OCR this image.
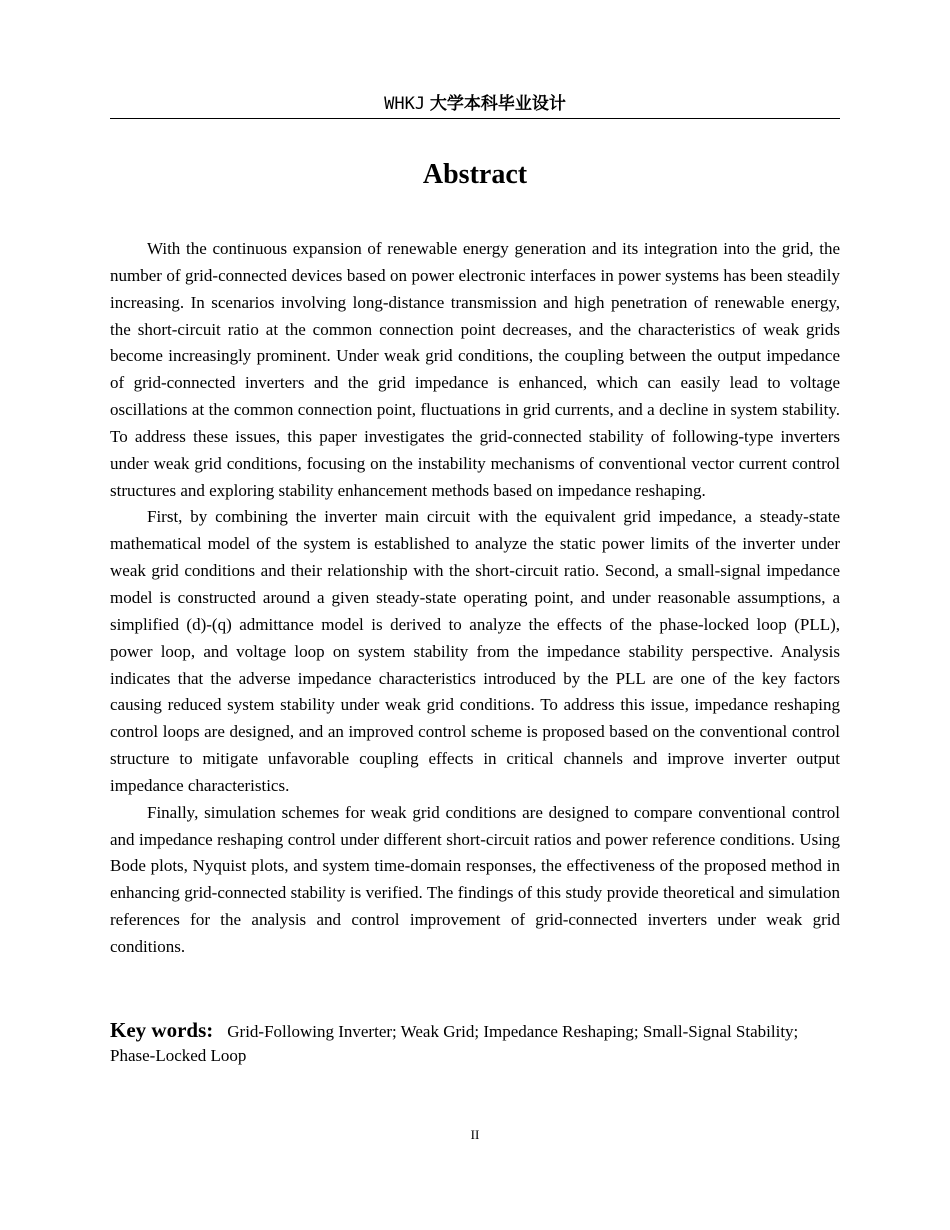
WHKJ 大学本科毕业设计
Abstract

With the continuous expansion of renewable energy generation and its integration into the grid, the number of grid-connected devices based on power electronic interfaces in power systems has been steadily increasing. In scenarios involving long-distance transmission and high penetration of renewable energy, the short-circuit ratio at the common connection point decreases, and the characteristics of weak grids become increasingly prominent. Under weak grid conditions, the coupling between the output impedance of grid-connected inverters and the grid impedance is enhanced, which can easily lead to voltage oscillations at the common connection point, fluctuations in grid currents, and a decline in system stability. To address these issues, this paper investigates the grid-connected stability of following-type inverters under weak grid conditions, focusing on the instability mechanisms of conventional vector current control structures and exploring stability enhancement methods based on impedance reshaping.

First, by combining the inverter main circuit with the equivalent grid impedance, a steady-state mathematical model of the system is established to analyze the static power limits of the inverter under weak grid conditions and their relationship with the short-circuit ratio. Second, a small-signal impedance model is constructed around a given steady-state operating point, and under reasonable assumptions, a simplified (d)-(q) admittance model is derived to analyze the effects of the phase-locked loop (PLL), power loop, and voltage loop on system stability from the impedance stability perspective. Analysis indicates that the adverse impedance characteristics introduced by the PLL are one of the key factors causing reduced system stability under weak grid conditions. To address this issue, impedance reshaping control loops are designed, and an improved control scheme is proposed based on the conventional control structure to mitigate unfavorable coupling effects in critical channels and improve inverter output impedance characteristics.

Finally, simulation schemes for weak grid conditions are designed to compare conventional control and impedance reshaping control under different short-circuit ratios and power reference conditions. Using Bode plots, Nyquist plots, and system time-domain responses, the effectiveness of the proposed method in enhancing grid-connected stability is verified. The findings of this study provide theoretical and simulation references for the analysis and control improvement of grid-connected inverters under weak grid conditions.

Key words: Grid-Following Inverter; Weak Grid; Impedance Reshaping; Small-Signal Stability; Phase-Locked Loop
II
